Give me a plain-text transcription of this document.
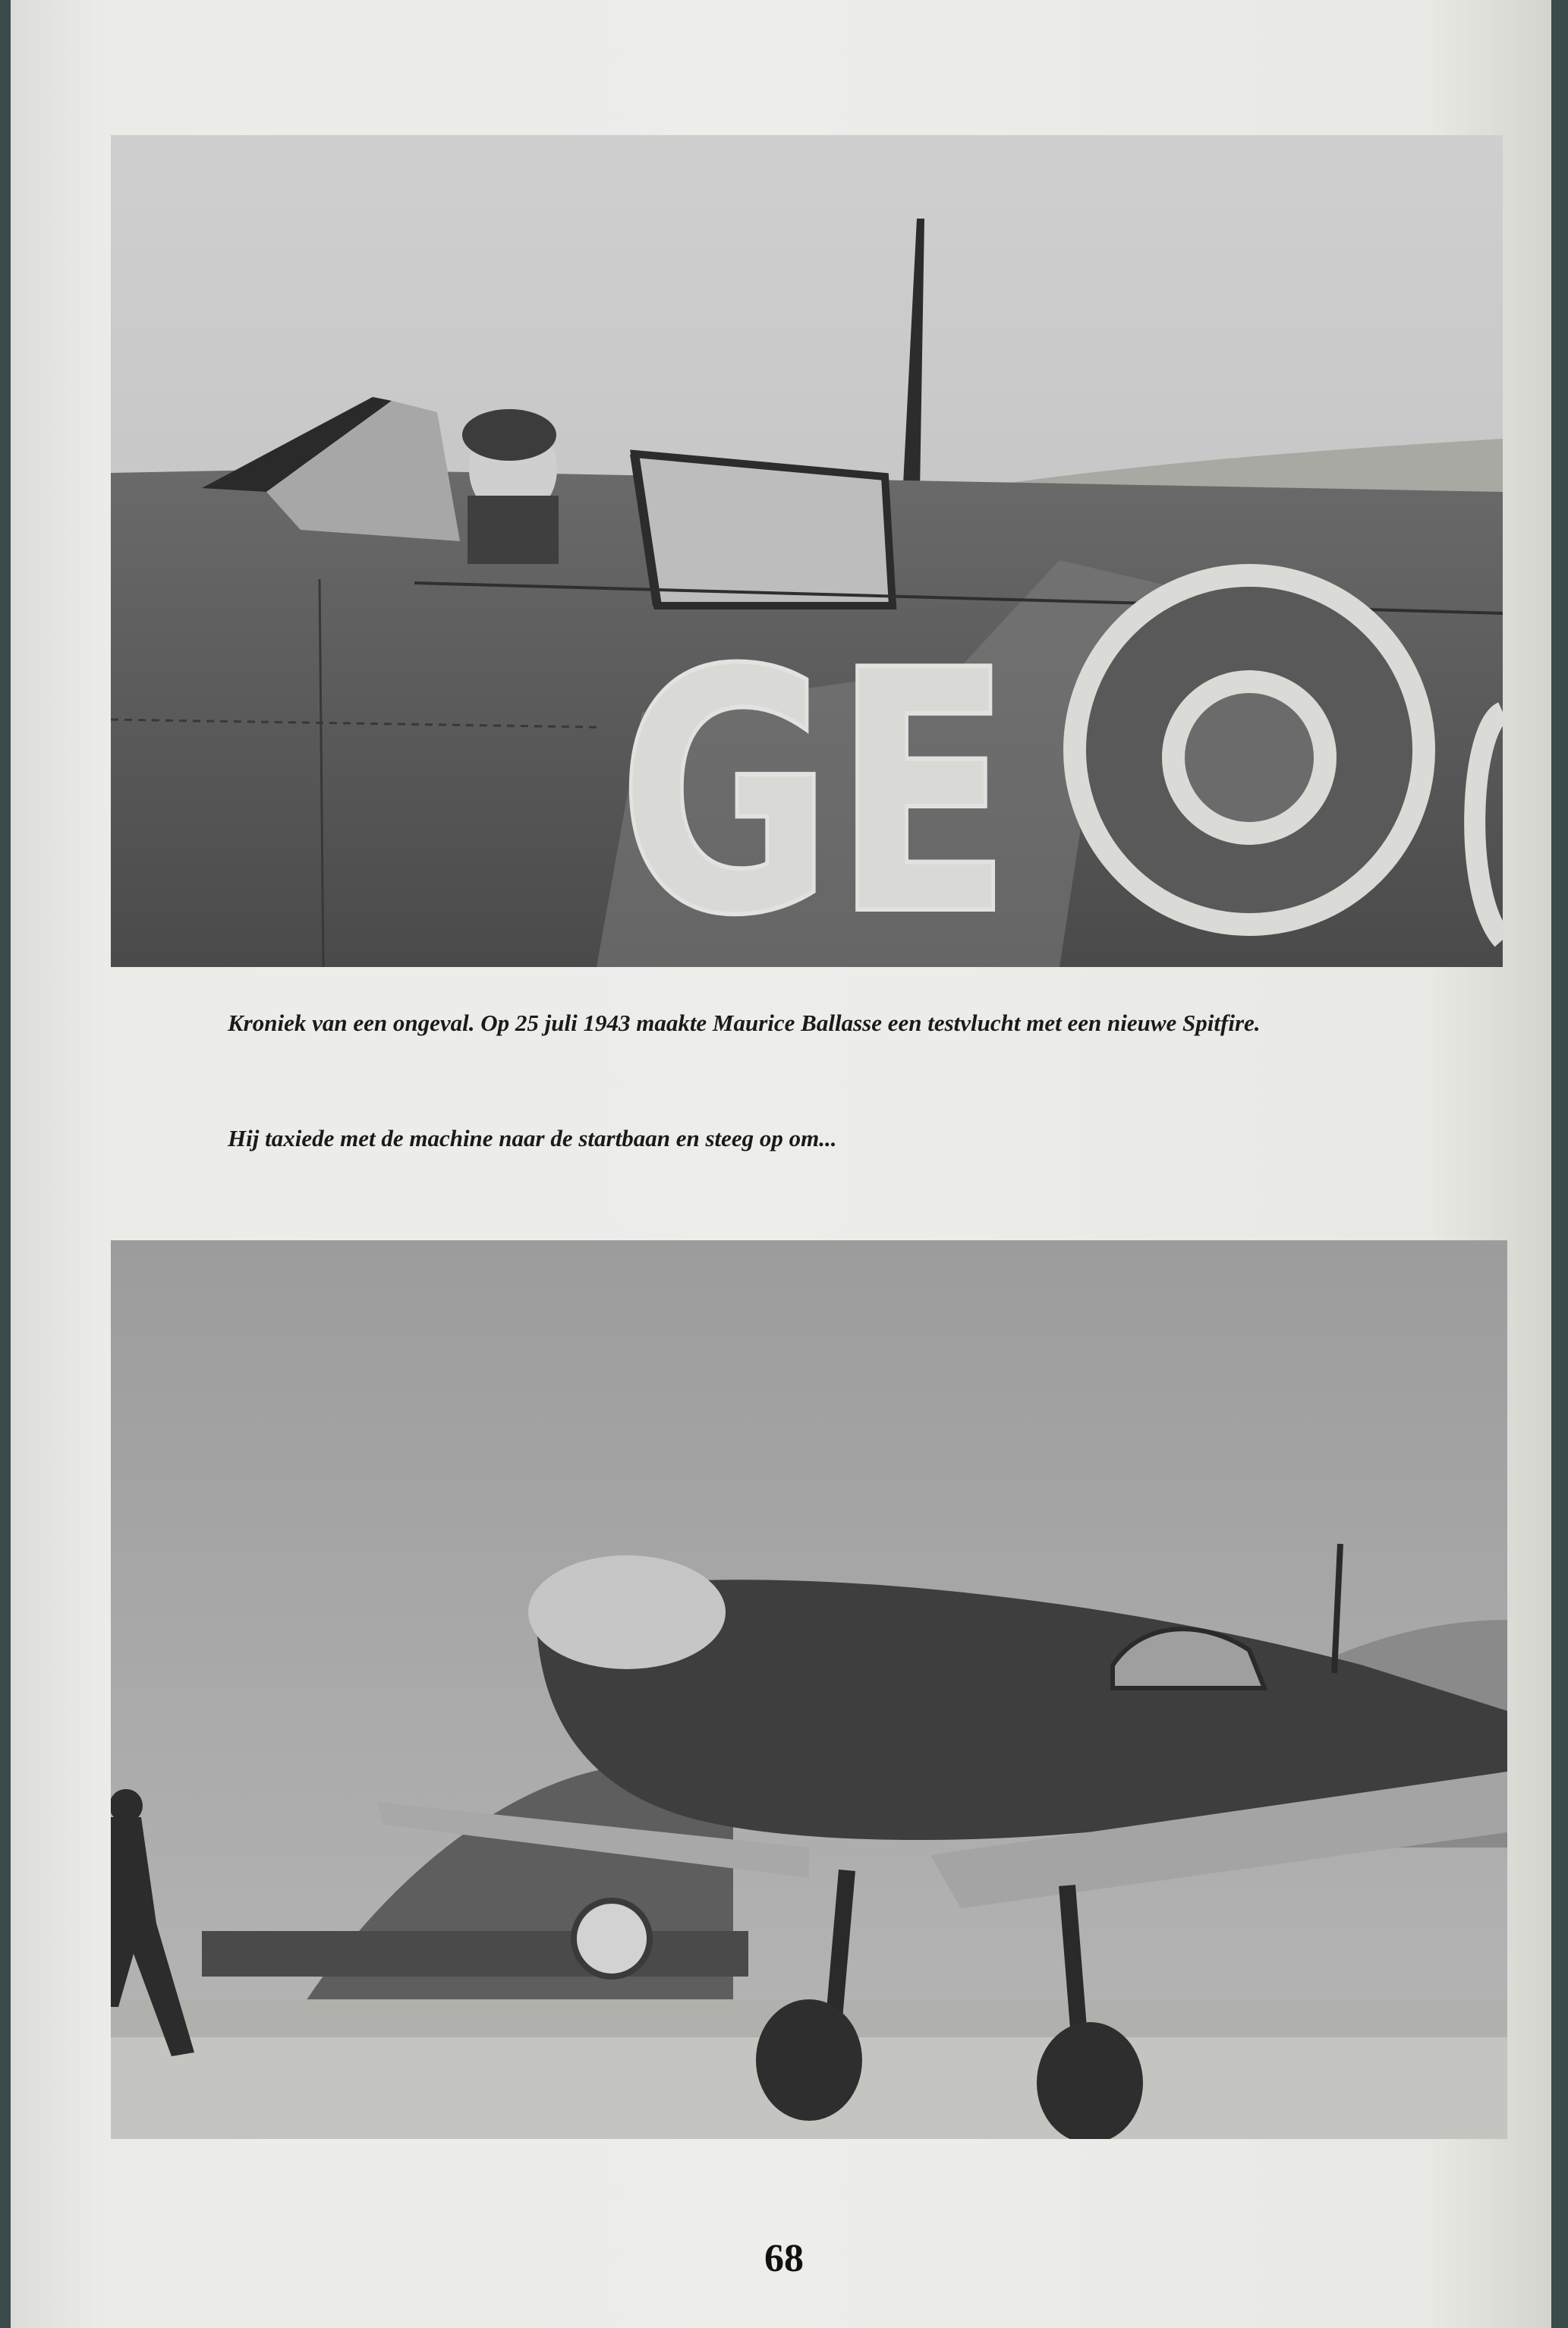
GE

Kroniek van een ongeval. Op 25 juli 1943 maakte Maurice Ballasse een testvlucht met een nieuwe Spitfire.

Hij taxiede met de machine naar de startbaan en steeg op om...

68
